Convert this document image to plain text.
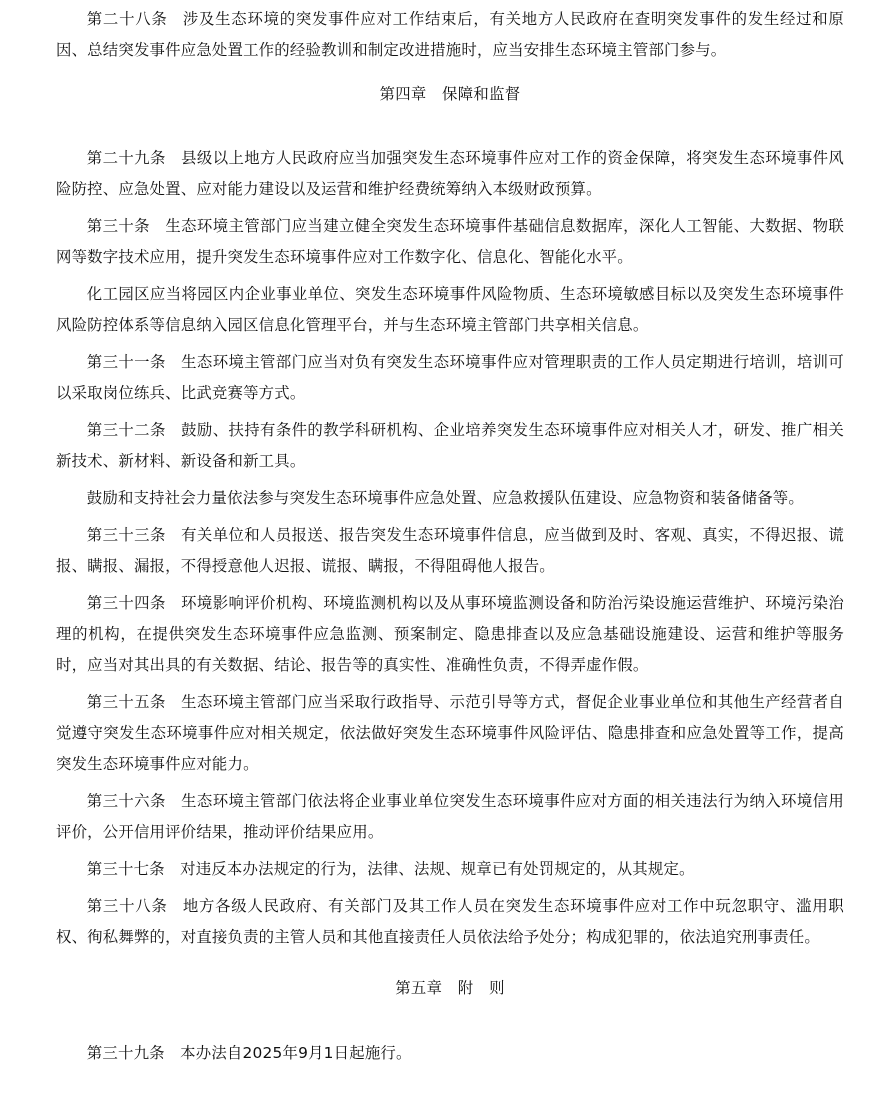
第二十八条 涉及生态环境的突发事件应对工作结束后，有关地方人民政府在查明突发事件的发生经过和原因、总结突发事件应急处置工作的经验教训和制定改进措施时，应当安排生态环境主管部门参与。

第四章 保障和监督

第二十九条 县级以上地方人民政府应当加强突发生态环境事件应对工作的资金保障，将突发生态环境事件风险防控、应急处置、应对能力建设以及运营和维护经费统筹纳入本级财政预算。

第三十条 生态环境主管部门应当建立健全突发生态环境事件基础信息数据库，深化人工智能、大数据、物联网等数字技术应用，提升突发生态环境事件应对工作数字化、信息化、智能化水平。

化工园区应当将园区内企业事业单位、突发生态环境事件风险物质、生态环境敏感目标以及突发生态环境事件风险防控体系等信息纳入园区信息化管理平台，并与生态环境主管部门共享相关信息。

第三十一条 生态环境主管部门应当对负有突发生态环境事件应对管理职责的工作人员定期进行培训，培训可以采取岗位练兵、比武竞赛等方式。

第三十二条 鼓励、扶持有条件的教学科研机构、企业培养突发生态环境事件应对相关人才，研发、推广相关新技术、新材料、新设备和新工具。

鼓励和支持社会力量依法参与突发生态环境事件应急处置、应急救援队伍建设、应急物资和装备储备等。

第三十三条 有关单位和人员报送、报告突发生态环境事件信息，应当做到及时、客观、真实，不得迟报、谎报、瞒报、漏报，不得授意他人迟报、谎报、瞒报，不得阻碍他人报告。

第三十四条 环境影响评价机构、环境监测机构以及从事环境监测设备和防治污染设施运营维护、环境污染治理的机构，在提供突发生态环境事件应急监测、预案制定、隐患排查以及应急基础设施建设、运营和维护等服务时，应当对其出具的有关数据、结论、报告等的真实性、准确性负责，不得弄虚作假。

第三十五条 生态环境主管部门应当采取行政指导、示范引导等方式，督促企业事业单位和其他生产经营者自觉遵守突发生态环境事件应对相关规定，依法做好突发生态环境事件风险评估、隐患排查和应急处置等工作，提高突发生态环境事件应对能力。

第三十六条 生态环境主管部门依法将企业事业单位突发生态环境事件应对方面的相关违法行为纳入环境信用评价，公开信用评价结果，推动评价结果应用。

第三十七条 对违反本办法规定的行为，法律、法规、规章已有处罚规定的，从其规定。

第三十八条 地方各级人民政府、有关部门及其工作人员在突发生态环境事件应对工作中玩忽职守、滥用职权、徇私舞弊的，对直接负责的主管人员和其他直接责任人员依法给予处分；构成犯罪的，依法追究刑事责任。

第五章 附　则

第三十九条 本办法自2025年9月1日起施行。
